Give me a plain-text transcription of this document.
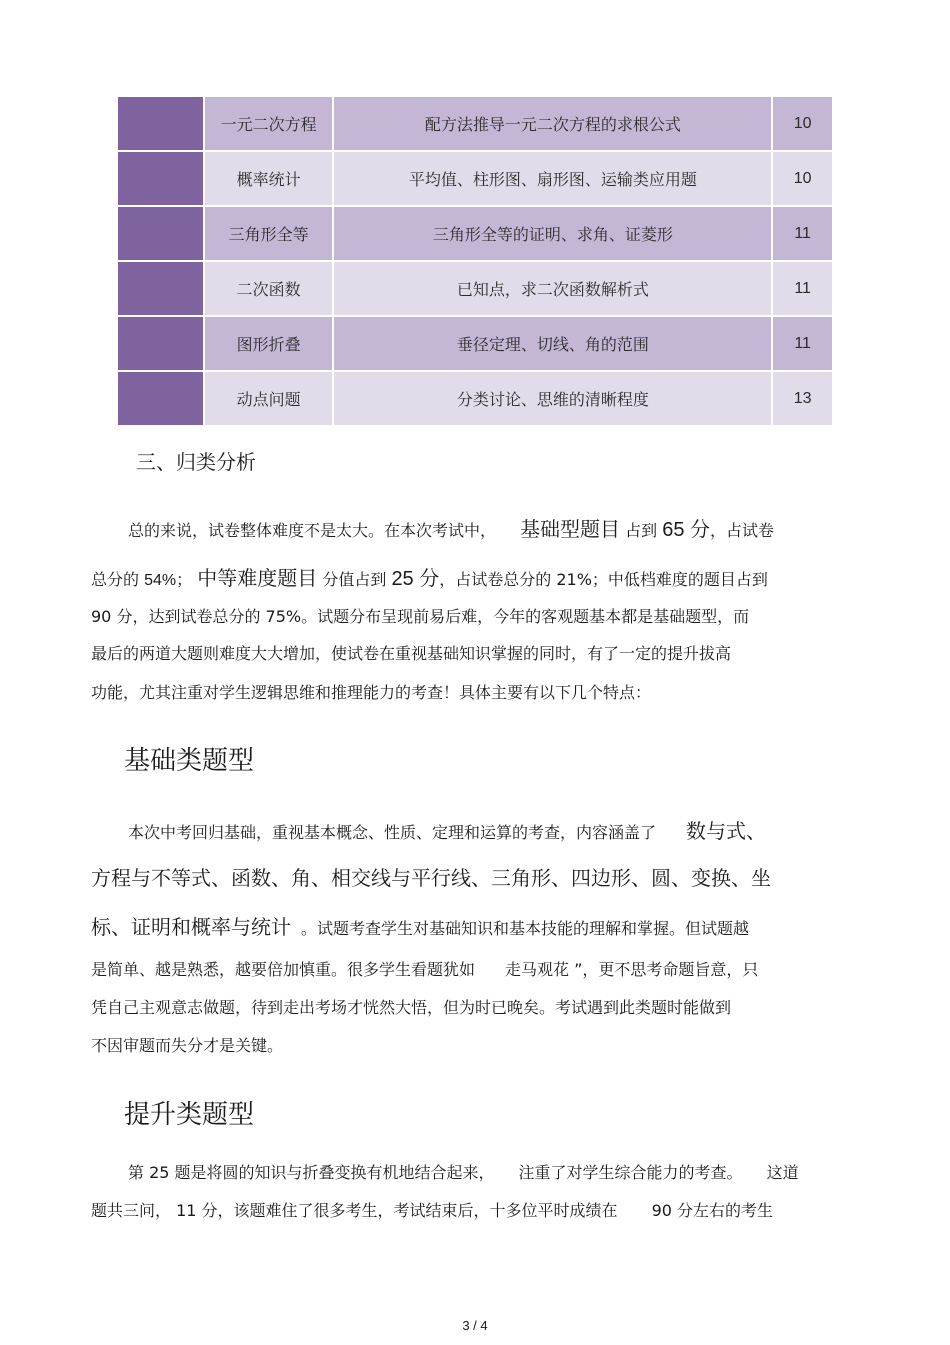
	一元二次方程	配方法推导一元二次方程的求根公式	10
	概率统计	平均值、柱形图、扇形图、运输类应用题	10
	三角形全等	三角形全等的证明、求角、证菱形	11
	二次函数	已知点，求二次函数解析式	11
	图形折叠	垂径定理、切线、角的范围	11
	动点问题	分类讨论、思维的清晰程度	13
三、归类分析
总的来说，试卷整体难度不是太大。在本次考试中， 基础型题目 占到 65 分，占试卷
总分的 54%； 中等难度题目 分值占到 25 分，占试卷总分的 21%；中低档难度的题目占到
90 分，达到试卷总分的 75%。试题分布呈现前易后难，今年的客观题基本都是基础题型，而
最后的两道大题则难度大大增加，使试卷在重视基础知识掌握的同时，有了一定的提升拔高
功能，尤其注重对学生逻辑思维和推理能力的考查！具体主要有以下几个特点：
基础类题型
本次中考回归基础，重视基本概念、性质、定理和运算的考查，内容涵盖了 数与式、
方程与不等式、函数、角、相交线与平行线、三角形、四边形、圆、变换、坐
标、证明和概率与统计 。试题考查学生对基础知识和基本技能的理解和掌握。但试题越
是简单、越是熟悉，越要倍加慎重。很多学生看题犹如 走马观花 ”，更不思考命题旨意，只
凭自己主观意志做题，待到走出考场才恍然大悟，但为时已晚矣。考试遇到此类题时能做到
不因审题而失分才是关键。
提升类题型
第 25 题是将圆的知识与折叠变换有机地结合起来， 注重了对学生综合能力的考查。 这道
题共三问， 11 分，该题难住了很多考生，考试结束后，十多位平时成绩在 90 分左右的考生
3 / 4
